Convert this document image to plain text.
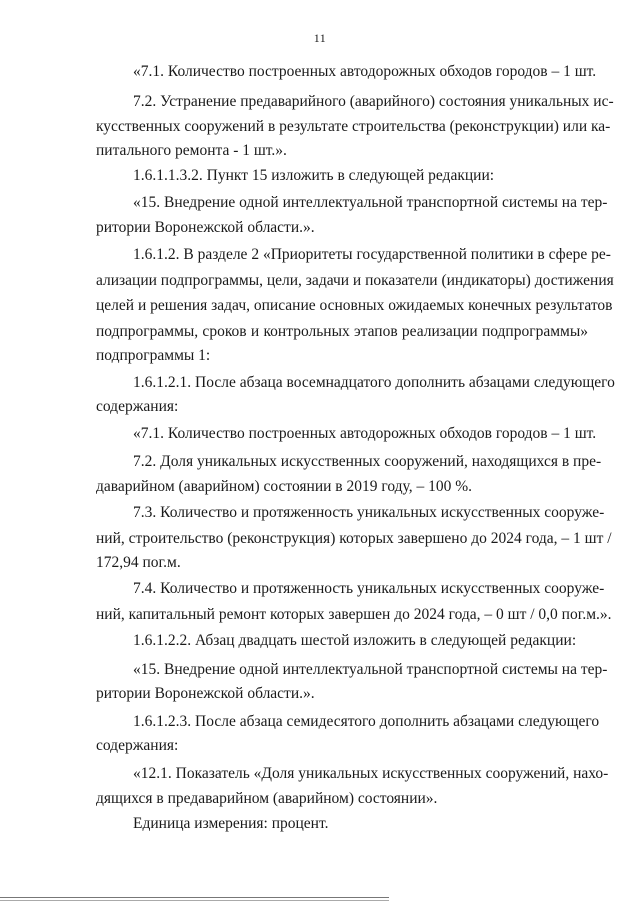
11
«7.1. Количество построенных автодорожных обходов городов – 1 шт.
7.2. Устранение предаварийного (аварийного) состояния уникальных ис-
кусственных сооружений в результате строительства (реконструкции) или ка-
питального ремонта - 1 шт.».
1.6.1.1.3.2. Пункт 15 изложить в следующей редакции:
«15. Внедрение одной интеллектуальной транспортной системы на тер-
ритории Воронежской области.».
1.6.1.2. В разделе 2 «Приоритеты государственной политики в сфере ре-
ализации подпрограммы, цели, задачи и показатели (индикаторы) достижения
целей и решения задач, описание основных ожидаемых конечных результатов
подпрограммы, сроков и контрольных этапов реализации подпрограммы»
подпрограммы 1:
1.6.1.2.1. После абзаца восемнадцатого дополнить абзацами следующего
содержания:
«7.1. Количество построенных автодорожных обходов городов – 1 шт.
7.2. Доля уникальных искусственных сооружений, находящихся в пре-
даварийном (аварийном) состоянии в 2019 году, – 100 %.
7.3. Количество и протяженность уникальных искусственных сооруже-
ний, строительство (реконструкция) которых завершено до 2024 года, – 1 шт /
172,94 пог.м.
7.4. Количество и протяженность уникальных искусственных сооруже-
ний, капитальный ремонт которых завершен до 2024 года, – 0 шт / 0,0 пог.м.».
1.6.1.2.2. Абзац двадцать шестой изложить в следующей редакции:
«15. Внедрение одной интеллектуальной транспортной системы на тер-
ритории Воронежской области.».
1.6.1.2.3. После абзаца семидесятого дополнить абзацами следующего
содержания:
«12.1. Показатель «Доля уникальных искусственных сооружений, нахо-
дящихся в предаварийном (аварийном) состоянии».
Единица измерения: процент.
